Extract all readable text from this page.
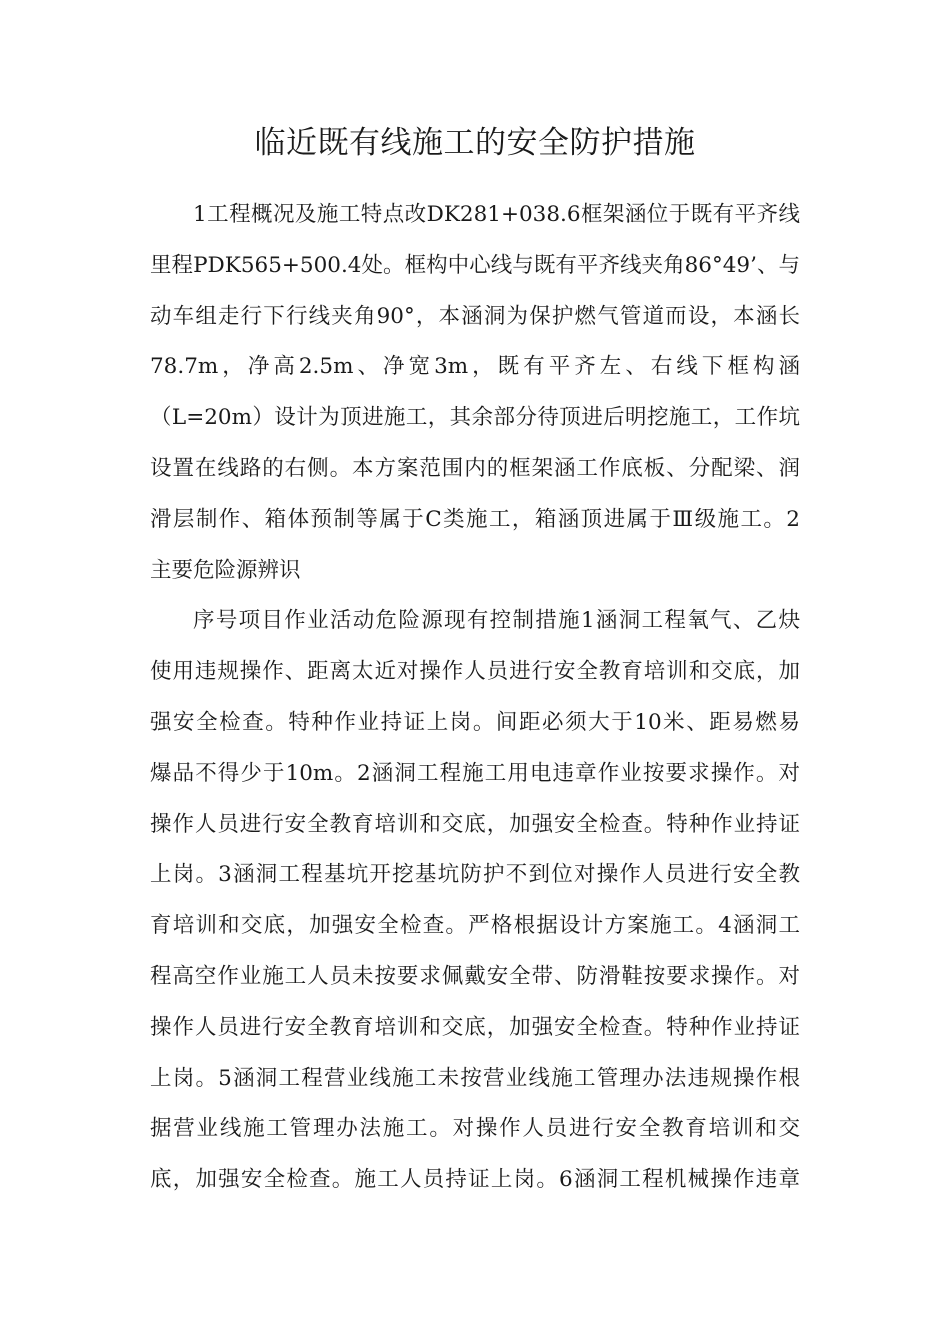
临近既有线施工的安全防护措施

1工程概况及施工特点改DK281+038.6框架涵位于既有平齐线
里程PDK565+500.4处。框构中心线与既有平齐线夹角86°49’、与
动车组走行下行线夹角90°，本涵洞为保护燃气管道而设，本涵长
78.7m，净高2.5m、净宽3m，既有平齐左、右线下框构涵
（L=20m）设计为顶进施工，其余部分待顶进后明挖施工，工作坑
设置在线路的右侧。本方案范围内的框架涵工作底板、分配梁、润
滑层制作、箱体预制等属于C类施工，箱涵顶进属于Ⅲ级施工。2
主要危险源辨识

序号项目作业活动危险源现有控制措施1涵洞工程氧气、乙炔
使用违规操作、距离太近对操作人员进行安全教育培训和交底，加
强安全检查。特种作业持证上岗。间距必须大于10米、距易燃易
爆品不得少于10m。2涵洞工程施工用电违章作业按要求操作。对
操作人员进行安全教育培训和交底，加强安全检查。特种作业持证
上岗。3涵洞工程基坑开挖基坑防护不到位对操作人员进行安全教
育培训和交底，加强安全检查。严格根据设计方案施工。4涵洞工
程高空作业施工人员未按要求佩戴安全带、防滑鞋按要求操作。对
操作人员进行安全教育培训和交底，加强安全检查。特种作业持证
上岗。5涵洞工程营业线施工未按营业线施工管理办法违规操作根
据营业线施工管理办法施工。对操作人员进行安全教育培训和交
底，加强安全检查。施工人员持证上岗。6涵洞工程机械操作违章
